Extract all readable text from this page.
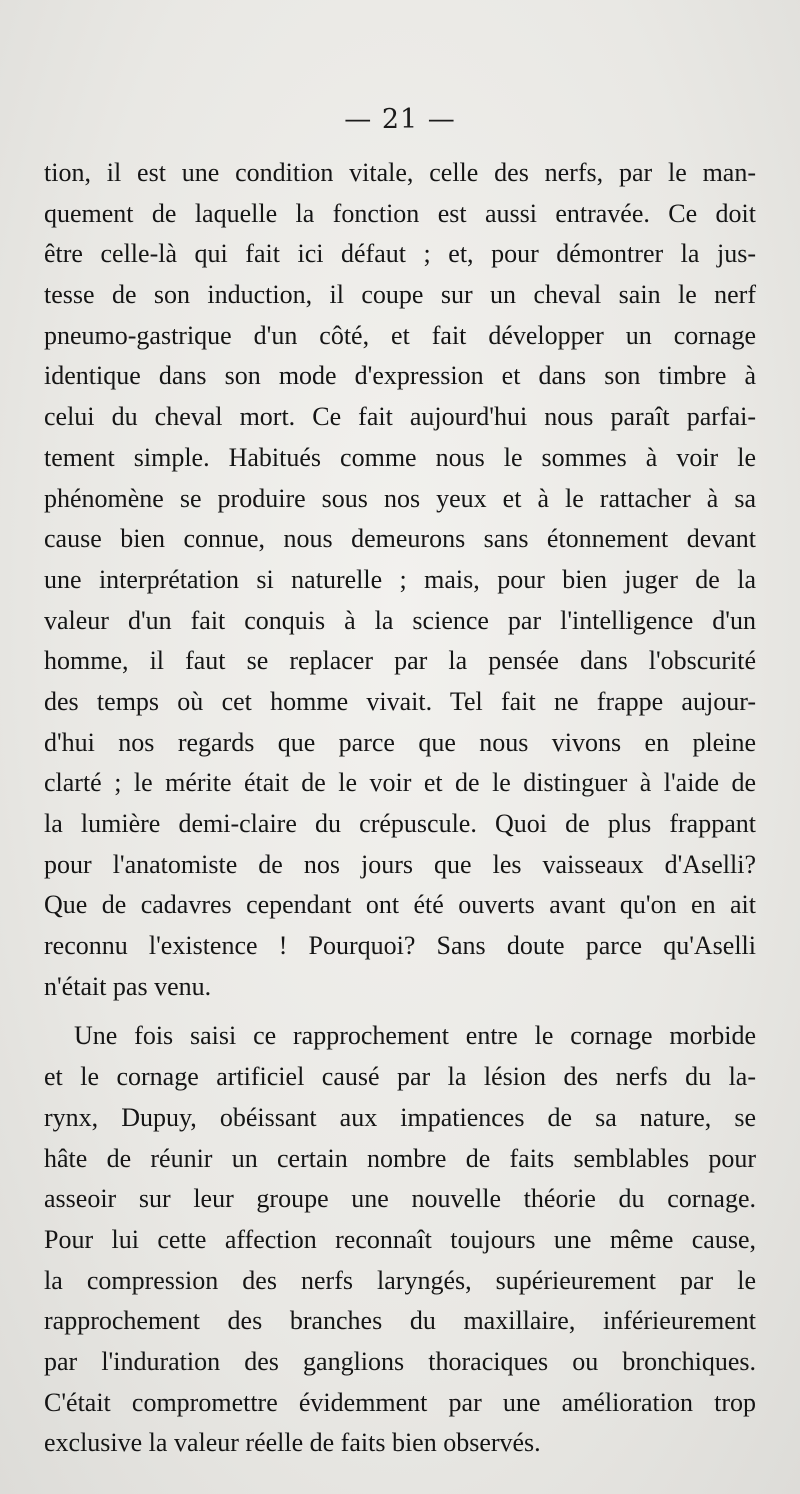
— 21 —
tion, il est une condition vitale, celle des nerfs, par le man-
quement de laquelle la fonction est aussi entravée. Ce doit
être celle-là qui fait ici défaut ; et, pour démontrer la jus-
tesse de son induction, il coupe sur un cheval sain le nerf
pneumo-gastrique d'un côté, et fait développer un cornage
identique dans son mode d'expression et dans son timbre à
celui du cheval mort. Ce fait aujourd'hui nous paraît parfai-
tement simple. Habitués comme nous le sommes à voir le
phénomène se produire sous nos yeux et à le rattacher à sa
cause bien connue, nous demeurons sans étonnement devant
une interprétation si naturelle ; mais, pour bien juger de la
valeur d'un fait conquis à la science par l'intelligence d'un
homme, il faut se replacer par la pensée dans l'obscurité
des temps où cet homme vivait. Tel fait ne frappe aujour-
d'hui nos regards que parce que nous vivons en pleine
clarté ; le mérite était de le voir et de le distinguer à l'aide de
la lumière demi-claire du crépuscule. Quoi de plus frappant
pour l'anatomiste de nos jours que les vaisseaux d'Aselli?
Que de cadavres cependant ont été ouverts avant qu'on en ait
reconnu l'existence ! Pourquoi? Sans doute parce qu'Aselli
n'était pas venu.
Une fois saisi ce rapprochement entre le cornage morbide
et le cornage artificiel causé par la lésion des nerfs du la-
rynx, Dupuy, obéissant aux impatiences de sa nature, se
hâte de réunir un certain nombre de faits semblables pour
asseoir sur leur groupe une nouvelle théorie du cornage.
Pour lui cette affection reconnaît toujours une même cause,
la compression des nerfs laryngés, supérieurement par le
rapprochement des branches du maxillaire, inférieurement
par l'induration des ganglions thoraciques ou bronchiques.
C'était compromettre évidemment par une amélioration trop
exclusive la valeur réelle de faits bien observés.
